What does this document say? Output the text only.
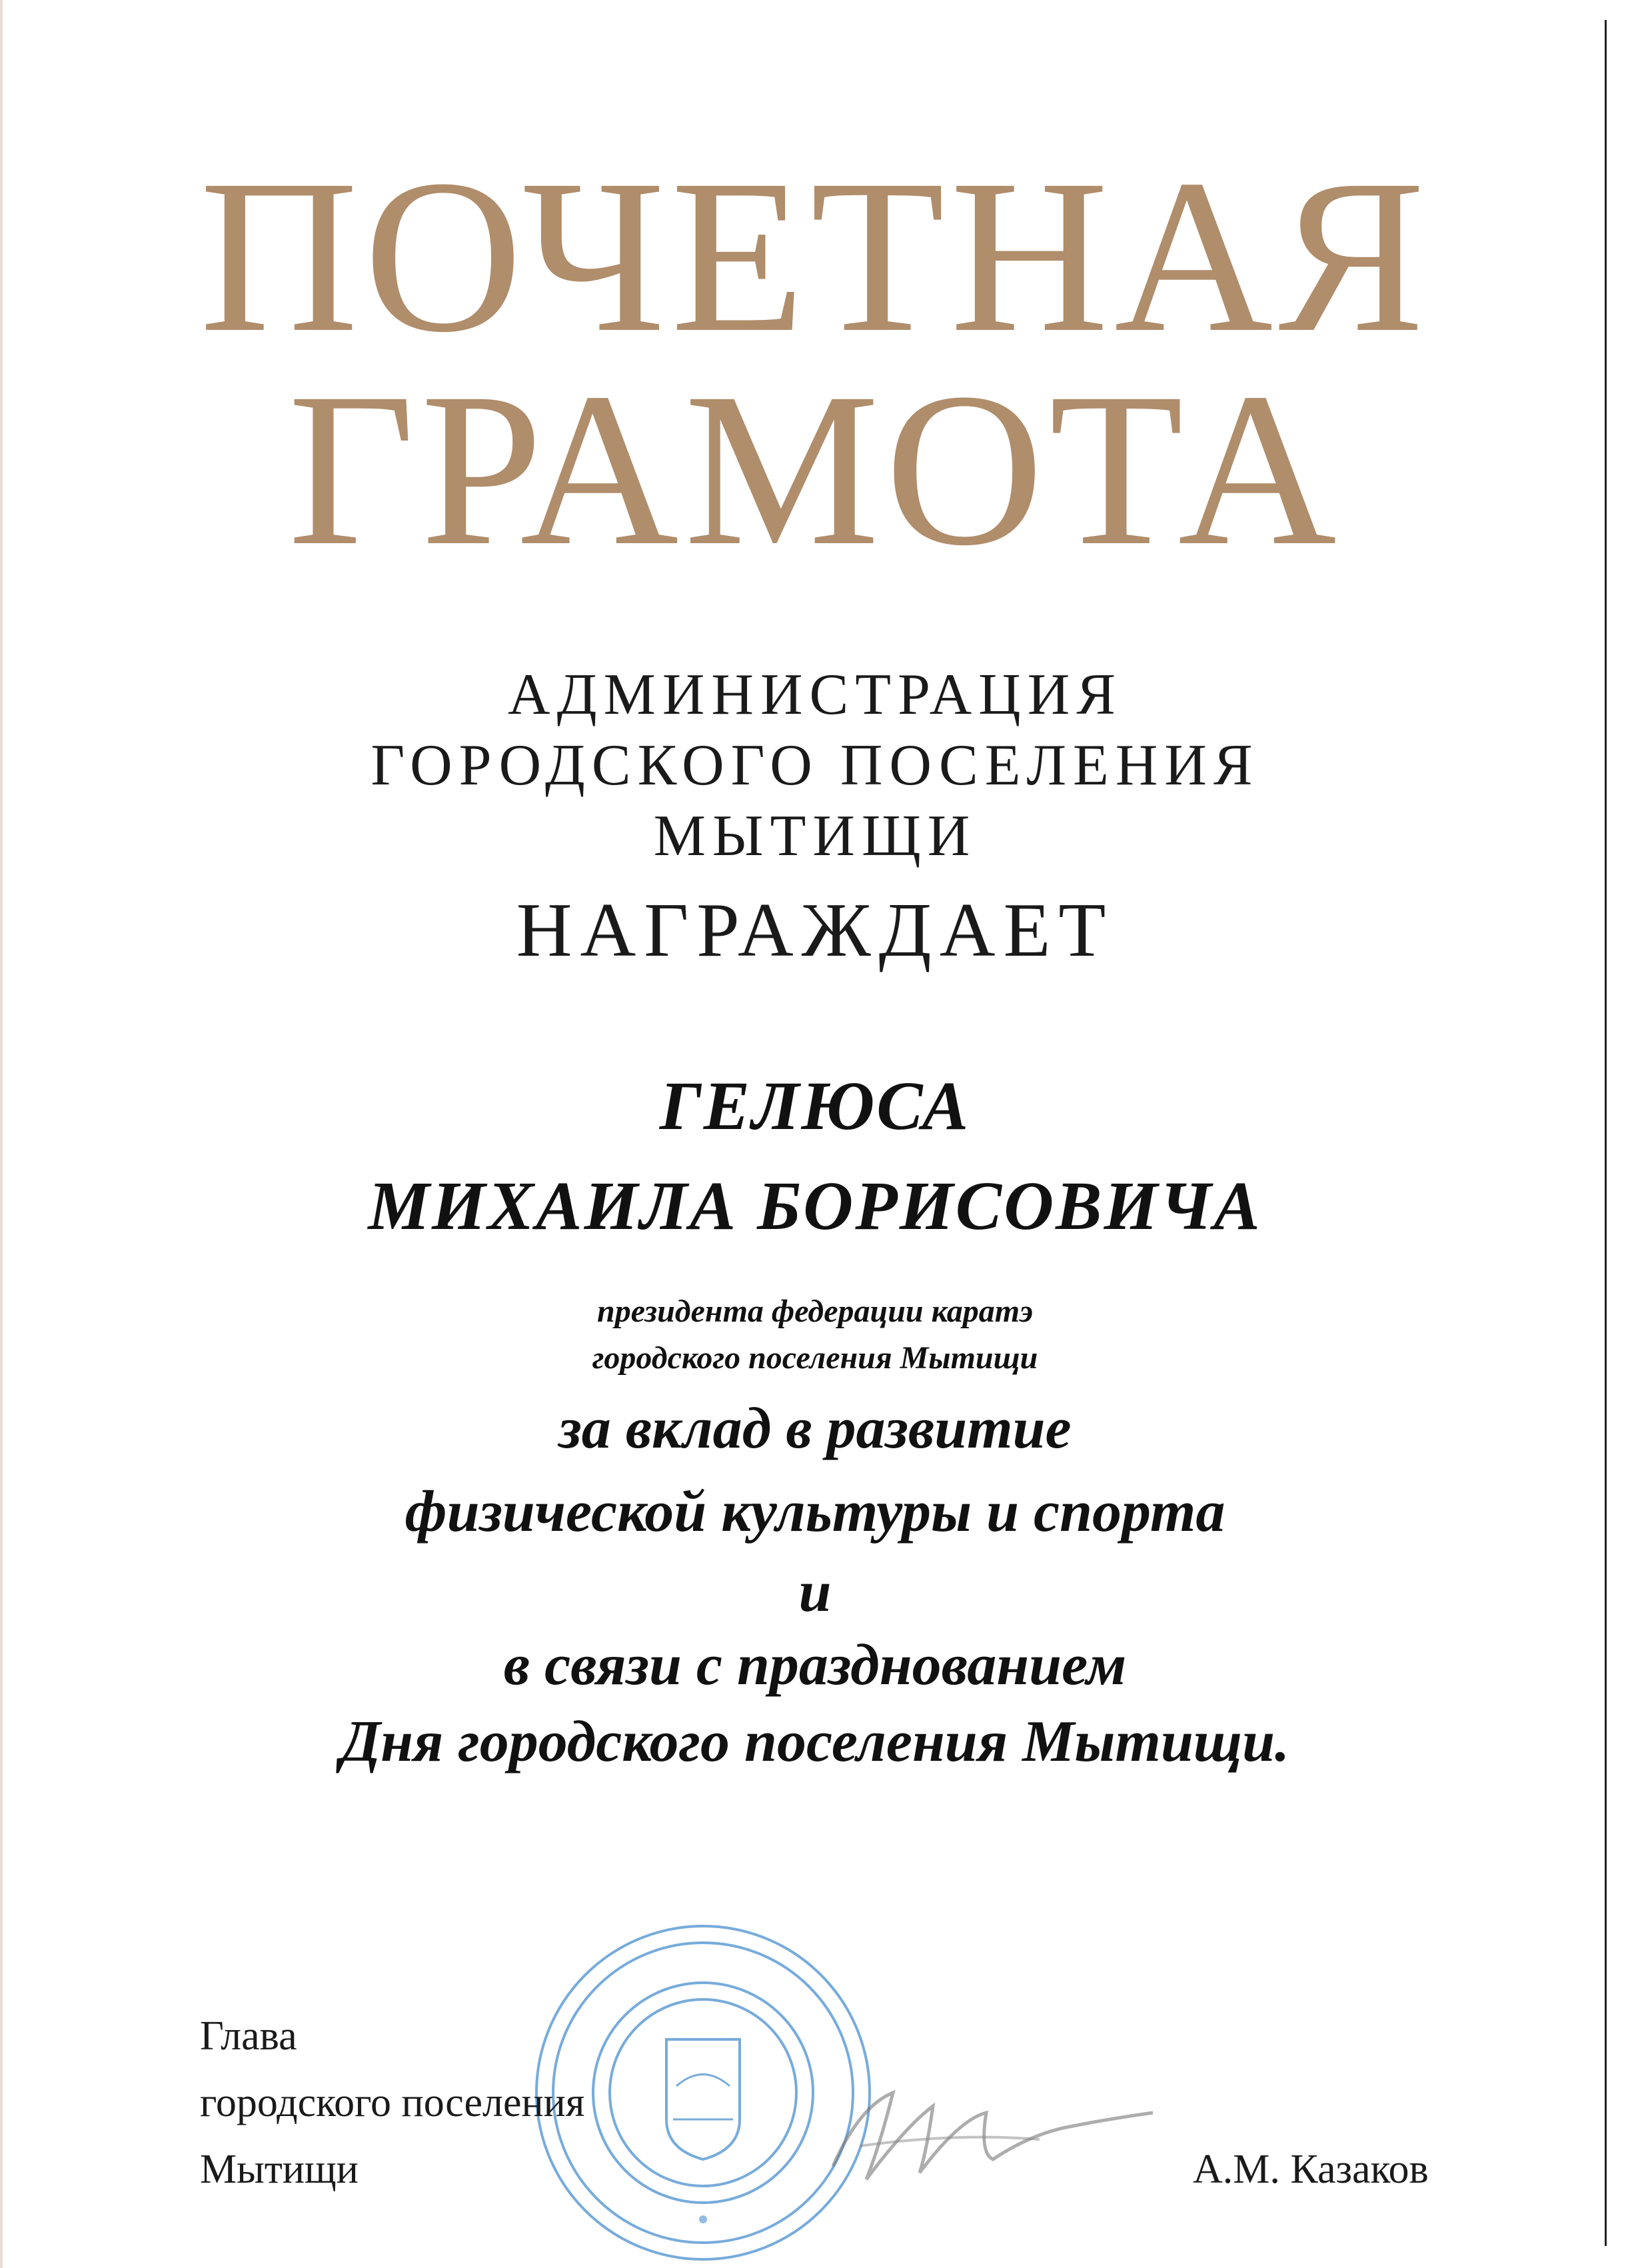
ПОЧЕТНАЯ
ГРАМОТА
АДМИНИСТРАЦИЯ
ГОРОДСКОГО ПОСЕЛЕНИЯ
МЫТИЩИ
НАГРАЖДАЕТ
ГЕЛЮСА
МИХАИЛА БОРИСОВИЧА
президента федерации каратэ
городского поселения Мытищи
за вклад в развитие
физической культуры и спорта
и
в связи с празднованием
Дня городского поселения Мытищи.
Глава
городского поселения
Мытищи	А.М. Казаков
